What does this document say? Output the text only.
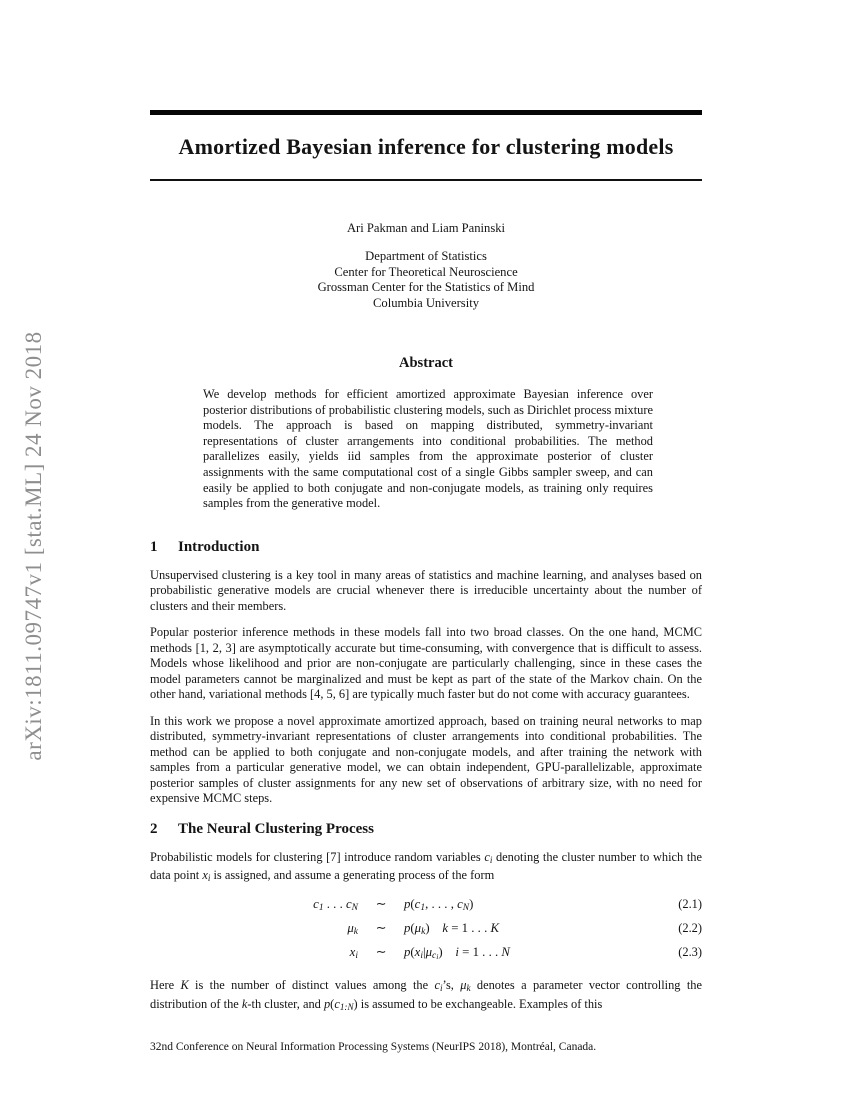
arXiv:1811.09747v1 [stat.ML] 24 Nov 2018
Amortized Bayesian inference for clustering models
Ari Pakman and Liam Paninski
Department of Statistics
Center for Theoretical Neuroscience
Grossman Center for the Statistics of Mind
Columbia University
Abstract
We develop methods for efficient amortized approximate Bayesian inference over posterior distributions of probabilistic clustering models, such as Dirichlet process mixture models. The approach is based on mapping distributed, symmetry-invariant representations of cluster arrangements into conditional probabilities. The method parallelizes easily, yields iid samples from the approximate posterior of cluster assignments with the same computational cost of a single Gibbs sampler sweep, and can easily be applied to both conjugate and non-conjugate models, as training only requires samples from the generative model.
1 Introduction

Unsupervised clustering is a key tool in many areas of statistics and machine learning, and analyses based on probabilistic generative models are crucial whenever there is irreducible uncertainty about the number of clusters and their members.

Popular posterior inference methods in these models fall into two broad classes. On the one hand, MCMC methods [1, 2, 3] are asymptotically accurate but time-consuming, with convergence that is difficult to assess. Models whose likelihood and prior are non-conjugate are particularly challenging, since in these cases the model parameters cannot be marginalized and must be kept as part of the state of the Markov chain. On the other hand, variational methods [4, 5, 6] are typically much faster but do not come with accuracy guarantees.

In this work we propose a novel approximate amortized approach, based on training neural networks to map distributed, symmetry-invariant representations of cluster arrangements into conditional probabilities. The method can be applied to both conjugate and non-conjugate models, and after training the network with samples from a particular generative model, we can obtain independent, GPU-parallelizable, approximate posterior samples of cluster assignments for any new set of observations of arbitrary size, with no need for expensive MCMC steps.

2 The Neural Clustering Process

Probabilistic models for clustering [7] introduce random variables ci denoting the cluster number to which the data point xi is assigned, and assume a generating process of the form

c1 . . . cN	∼	p(c1, . . . , cN)	(2.1)
μk	∼	p(μk)   k = 1 . . . K	(2.2)
xi	∼	$p(xi|\mu c_i)$   i = 1 . . . N	(2.3)

Here K is the number of distinct values among the ci’s, μk denotes a parameter vector controlling the distribution of the k-th cluster, and p(c1:N) is assumed to be exchangeable. Examples of this

32nd Conference on Neural Information Processing Systems (NeurIPS 2018), Montréal, Canada.
